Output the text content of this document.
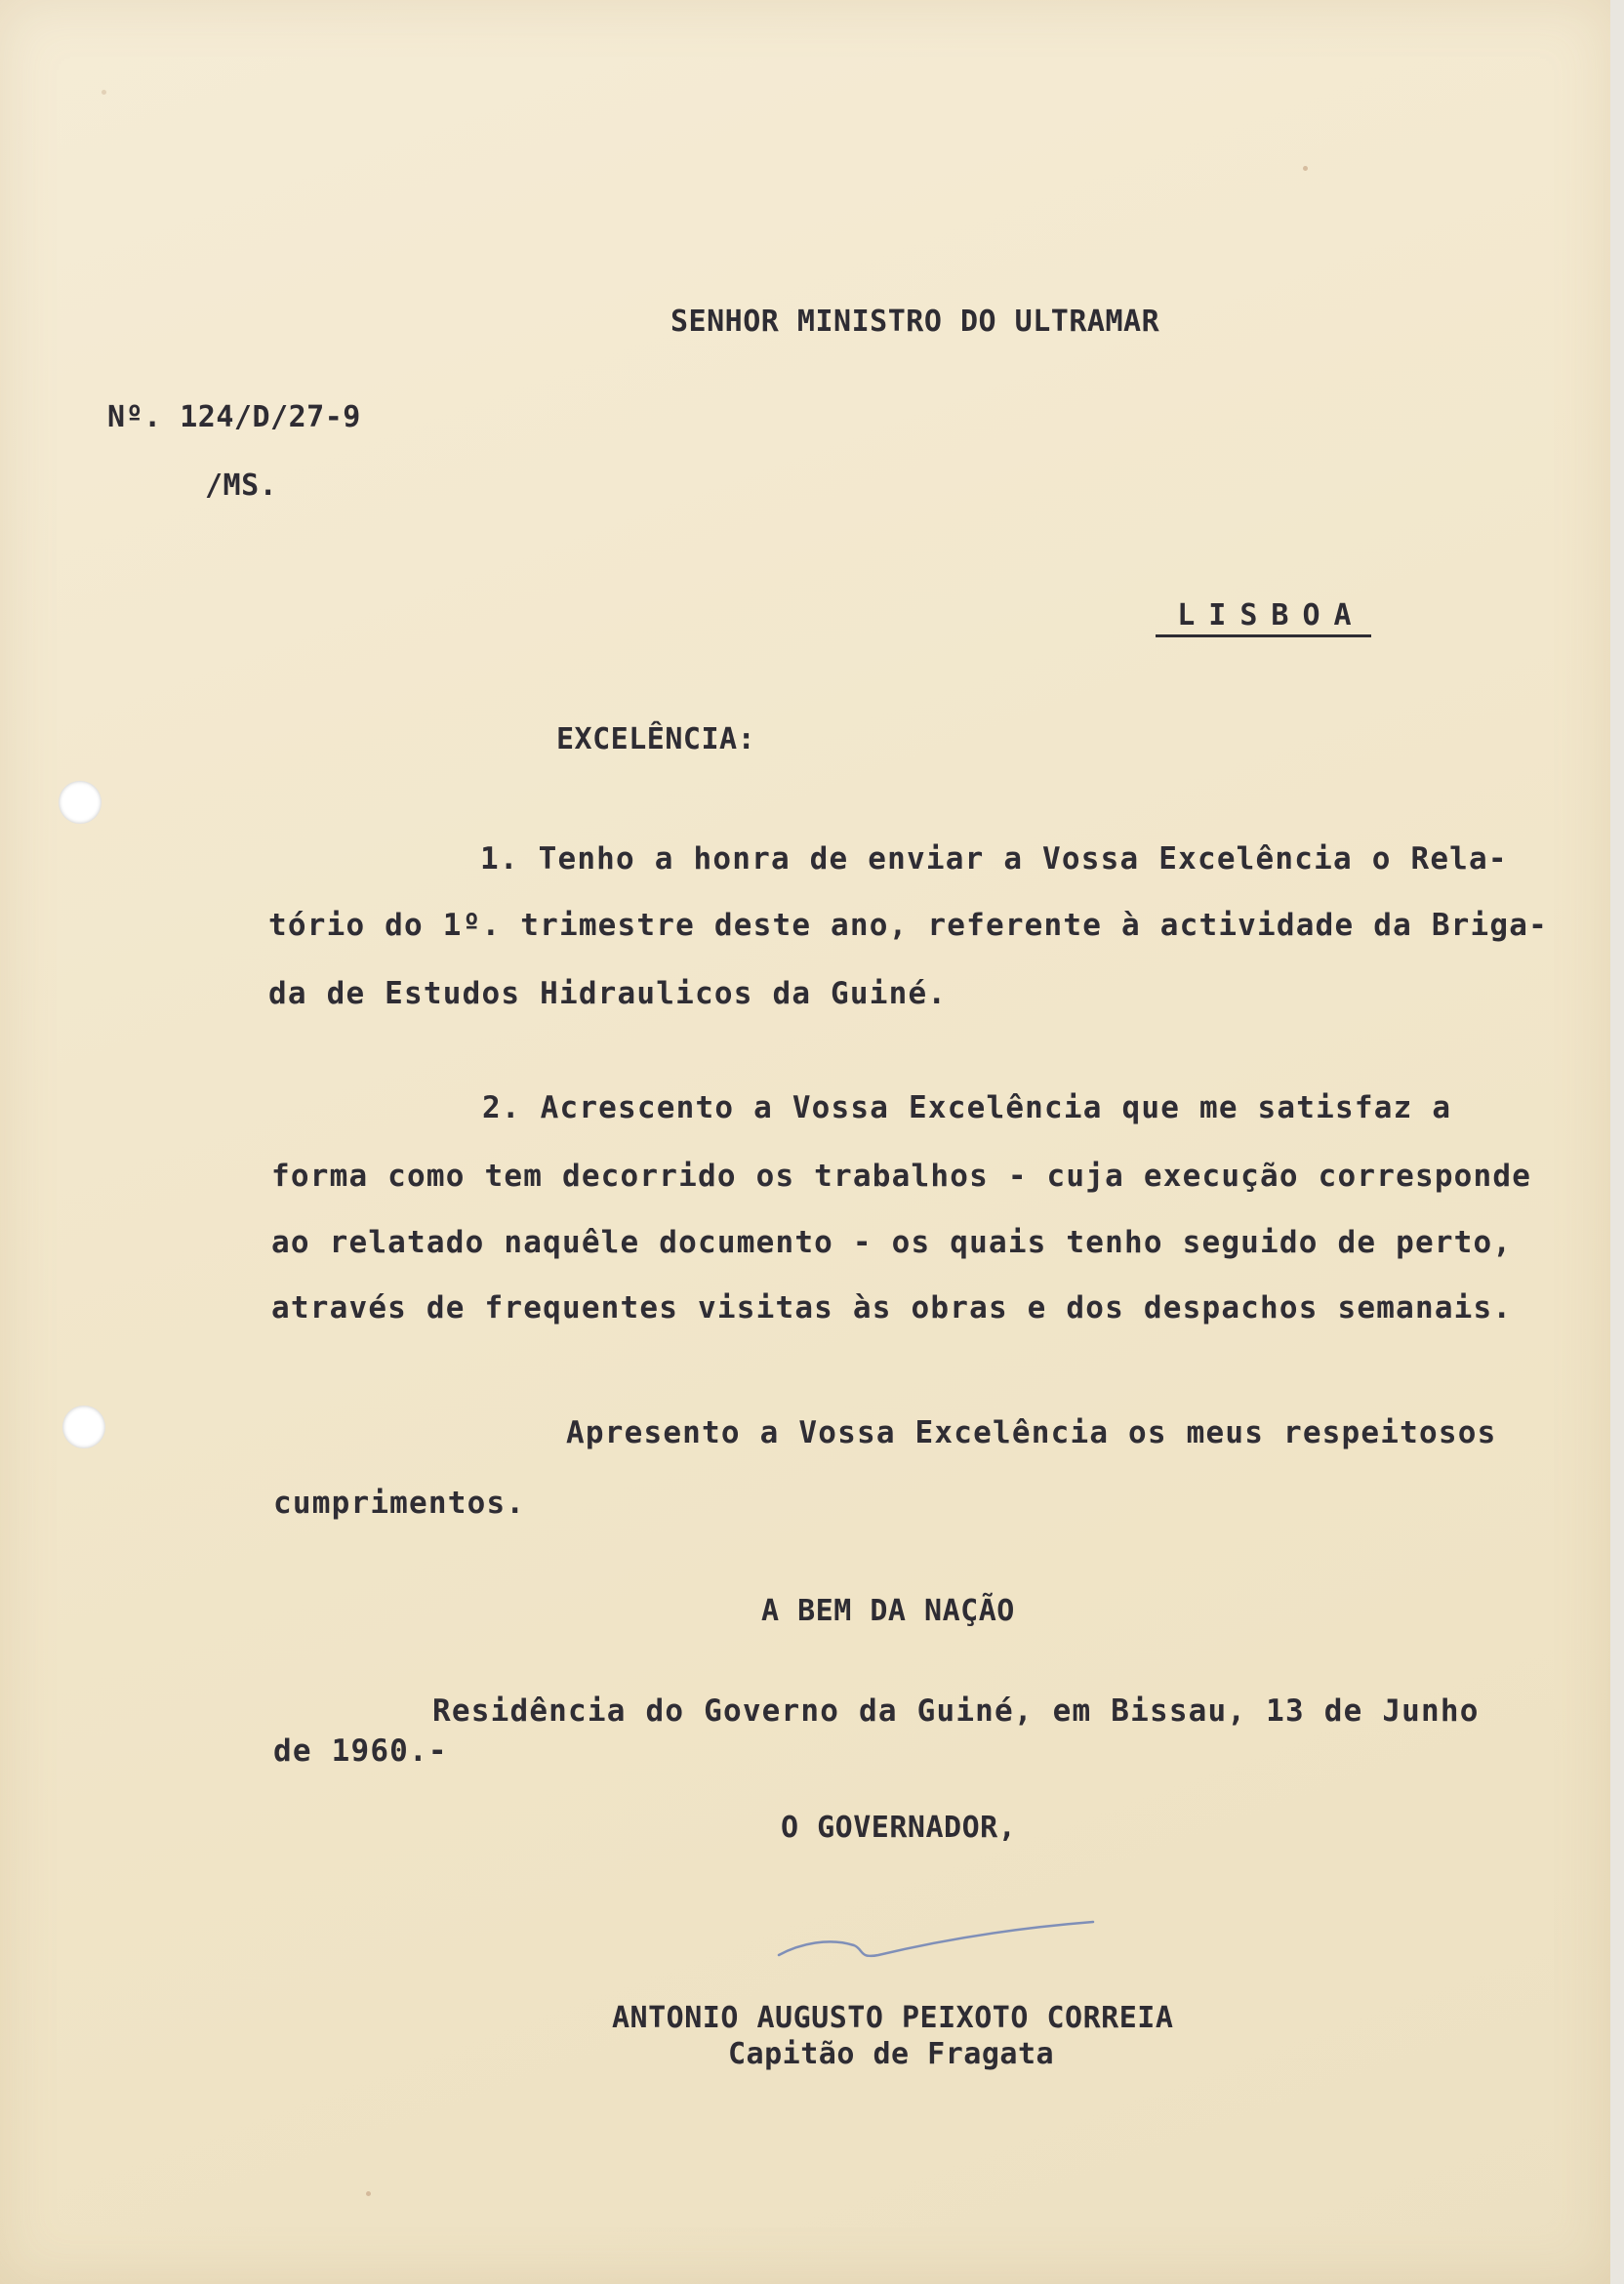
SENHOR MINISTRO DO ULTRAMAR
Nº. 124/D/27-9
/MS.

LISBOA

EXCELÊNCIA:
1. Tenho a honra de enviar a Vossa Excelência o Rela-
tório do 1º. trimestre deste ano, referente à actividade da Briga-
da de Estudos Hidraulicos da Guiné.
2. Acrescento a Vossa Excelência que me satisfaz a
forma como tem decorrido os trabalhos - cuja execução corresponde
ao relatado naquêle documento - os quais tenho seguido de perto,
através de frequentes visitas às obras e dos despachos semanais.
Apresento a Vossa Excelência os meus respeitosos
cumprimentos.
A BEM DA NAÇÃO
Residência do Governo da Guiné, em Bissau, 13 de Junho
de 1960.-
O GOVERNADOR,
ANTONIO AUGUSTO PEIXOTO CORREIA
Capitão de Fragata
